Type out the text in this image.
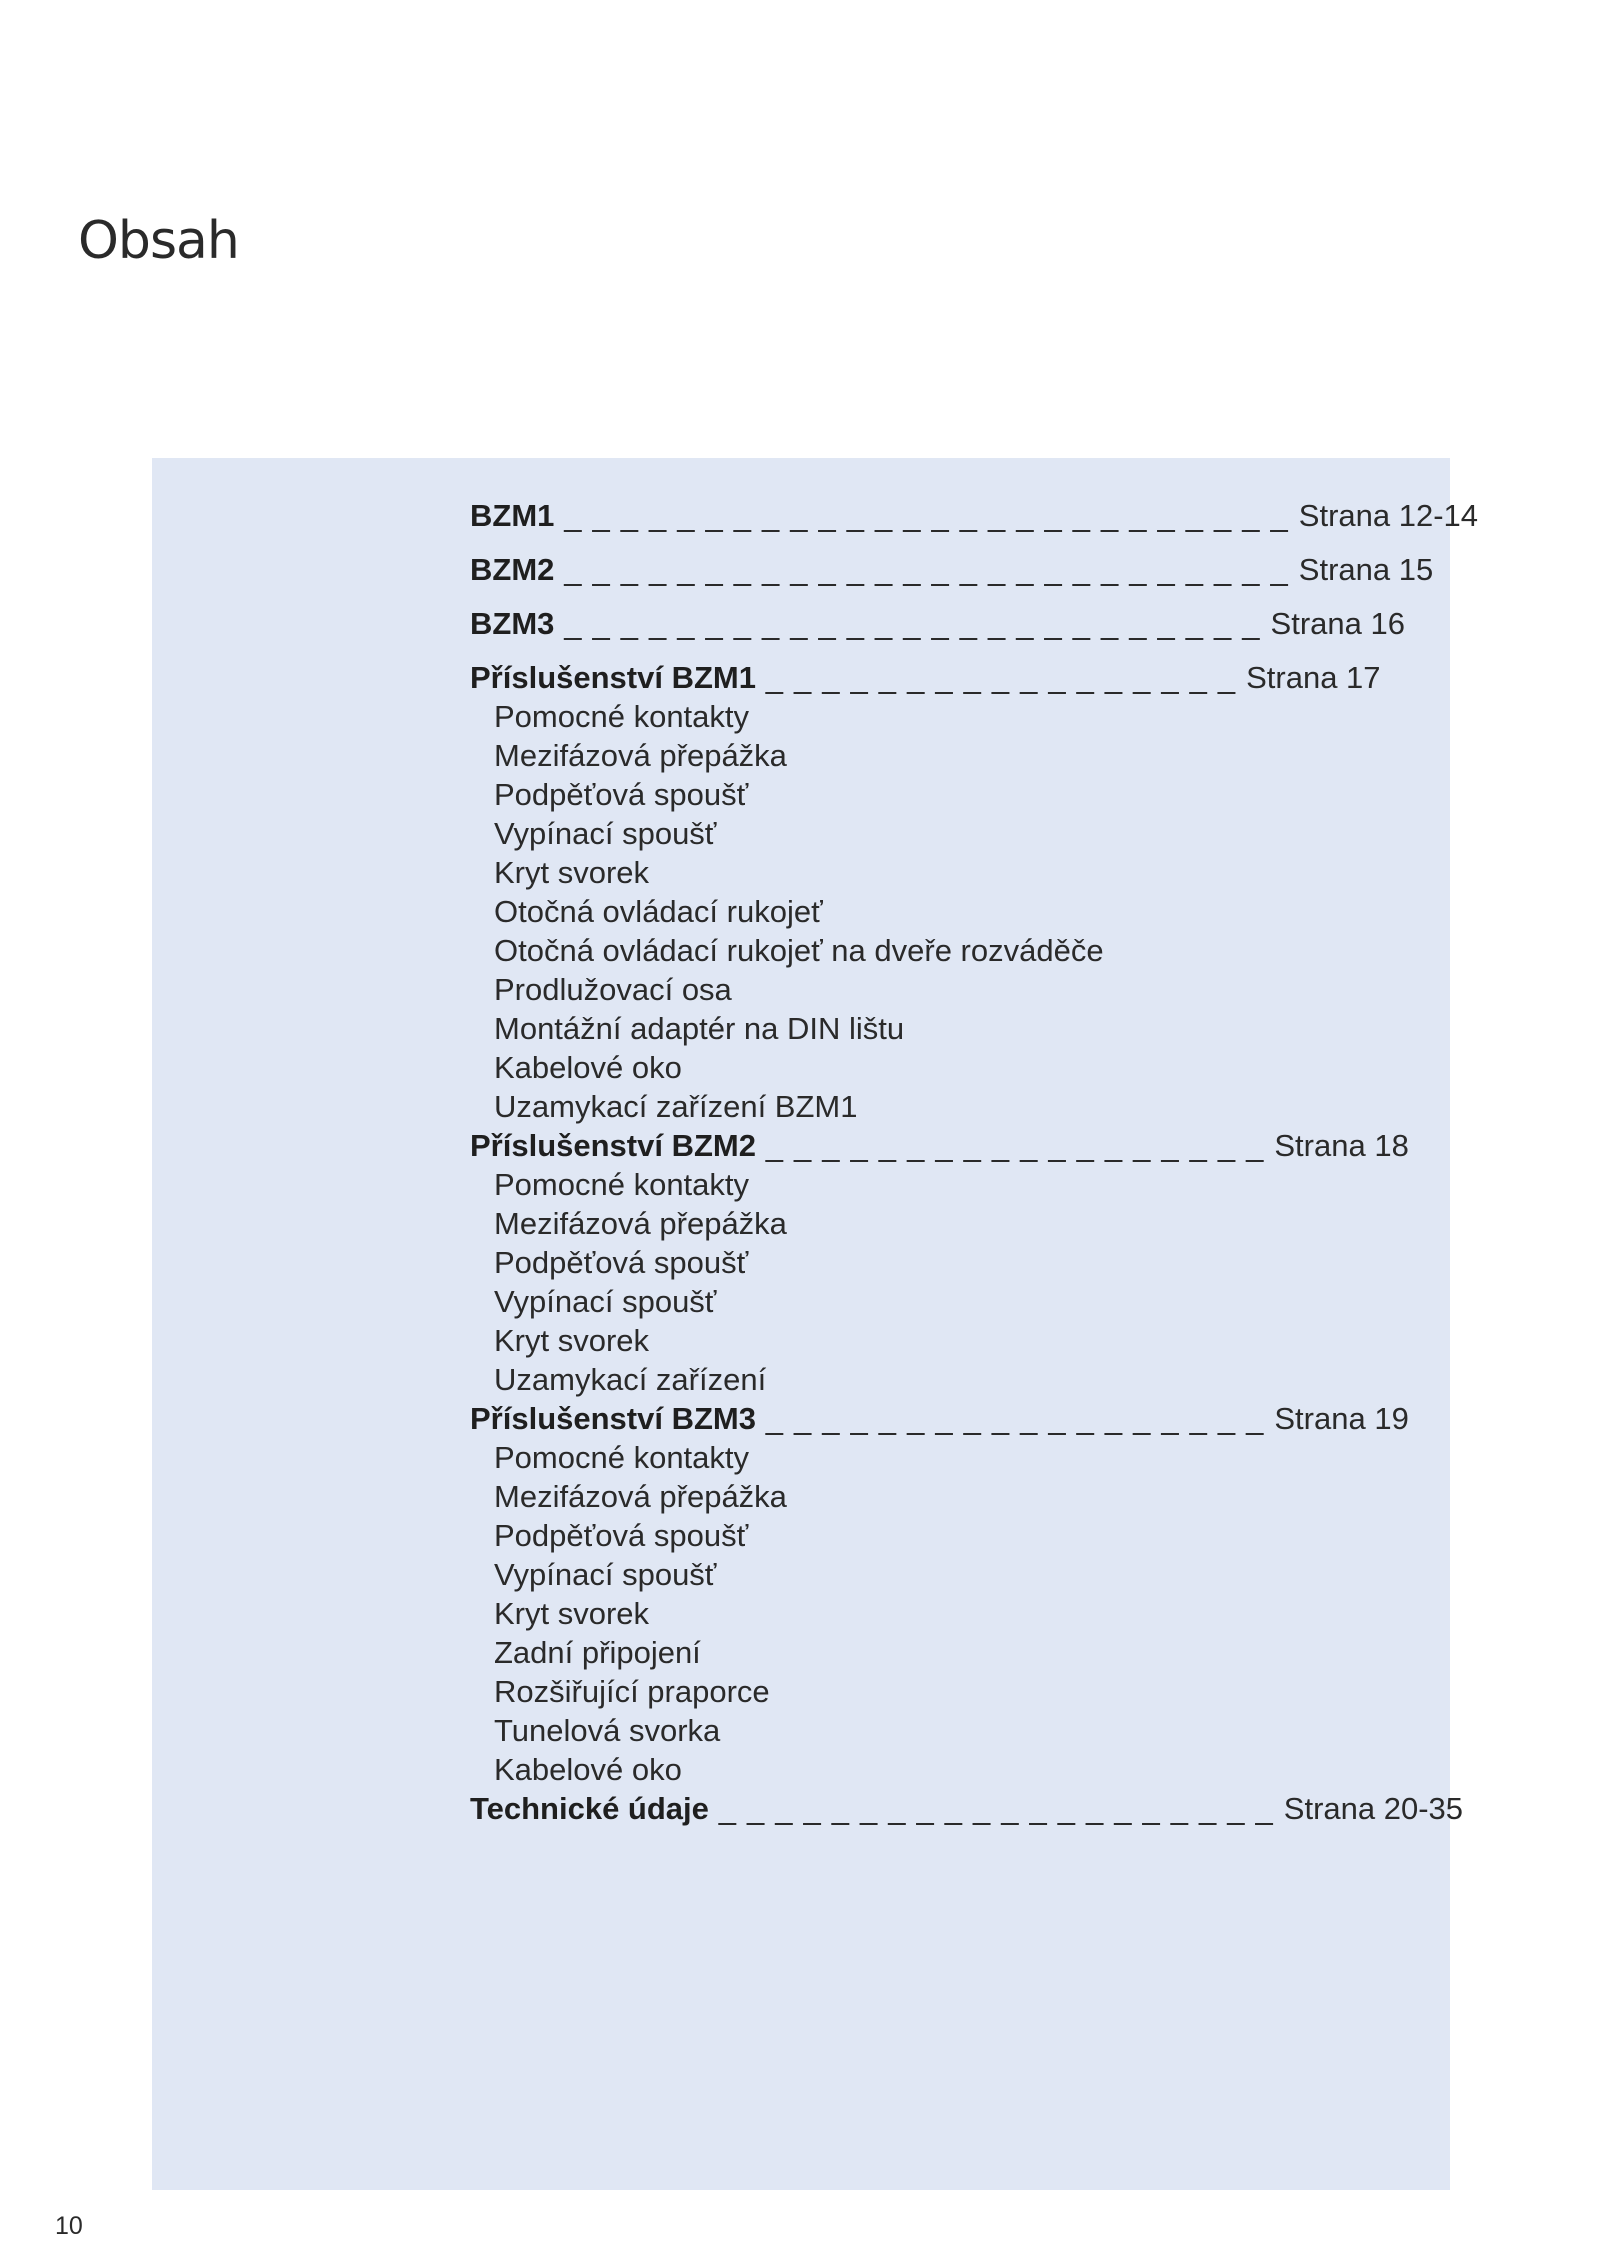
Obsah
BZM1 _ _ _ _ _ _ _ _ _ _ _ _ _ _ _ _ _ _ _ _ _ _ _ _ _ _ Strana 12-14
BZM2 _ _ _ _ _ _ _ _ _ _ _ _ _ _ _ _ _ _ _ _ _ _ _ _ _ _ Strana 15
BZM3 _ _ _ _ _ _ _ _ _ _ _ _ _ _ _ _ _ _ _ _ _ _ _ _ _ Strana 16
Příslušenství BZM1 _ _ _ _ _ _ _ _ _ _ _ _ _ _ _ _ _ Strana 17
Pomocné kontakty
Mezifázová přepážka
Podpěťová spoušť
Vypínací spoušť
Kryt svorek
Otočná ovládací rukojeť
Otočná ovládací rukojeť na dveře rozváděče
Prodlužovací osa
Montážní adaptér na DIN lištu
Kabelové oko
Uzamykací zařízení BZM1
Příslušenství BZM2 _ _ _ _ _ _ _ _ _ _ _ _ _ _ _ _ _ _ Strana 18
Pomocné kontakty
Mezifázová přepážka
Podpěťová spoušť
Vypínací spoušť
Kryt svorek
Uzamykací zařízení
Příslušenství BZM3 _ _ _ _ _ _ _ _ _ _ _ _ _ _ _ _ _ _ Strana 19
Pomocné kontakty
Mezifázová přepážka
Podpěťová spoušť
Vypínací spoušť
Kryt svorek
Zadní připojení
Rozšiřující praporce
Tunelová svorka
Kabelové oko
Technické údaje _ _ _ _ _ _ _ _ _ _ _ _ _ _ _ _ _ _ _ _ Strana 20-35
10
